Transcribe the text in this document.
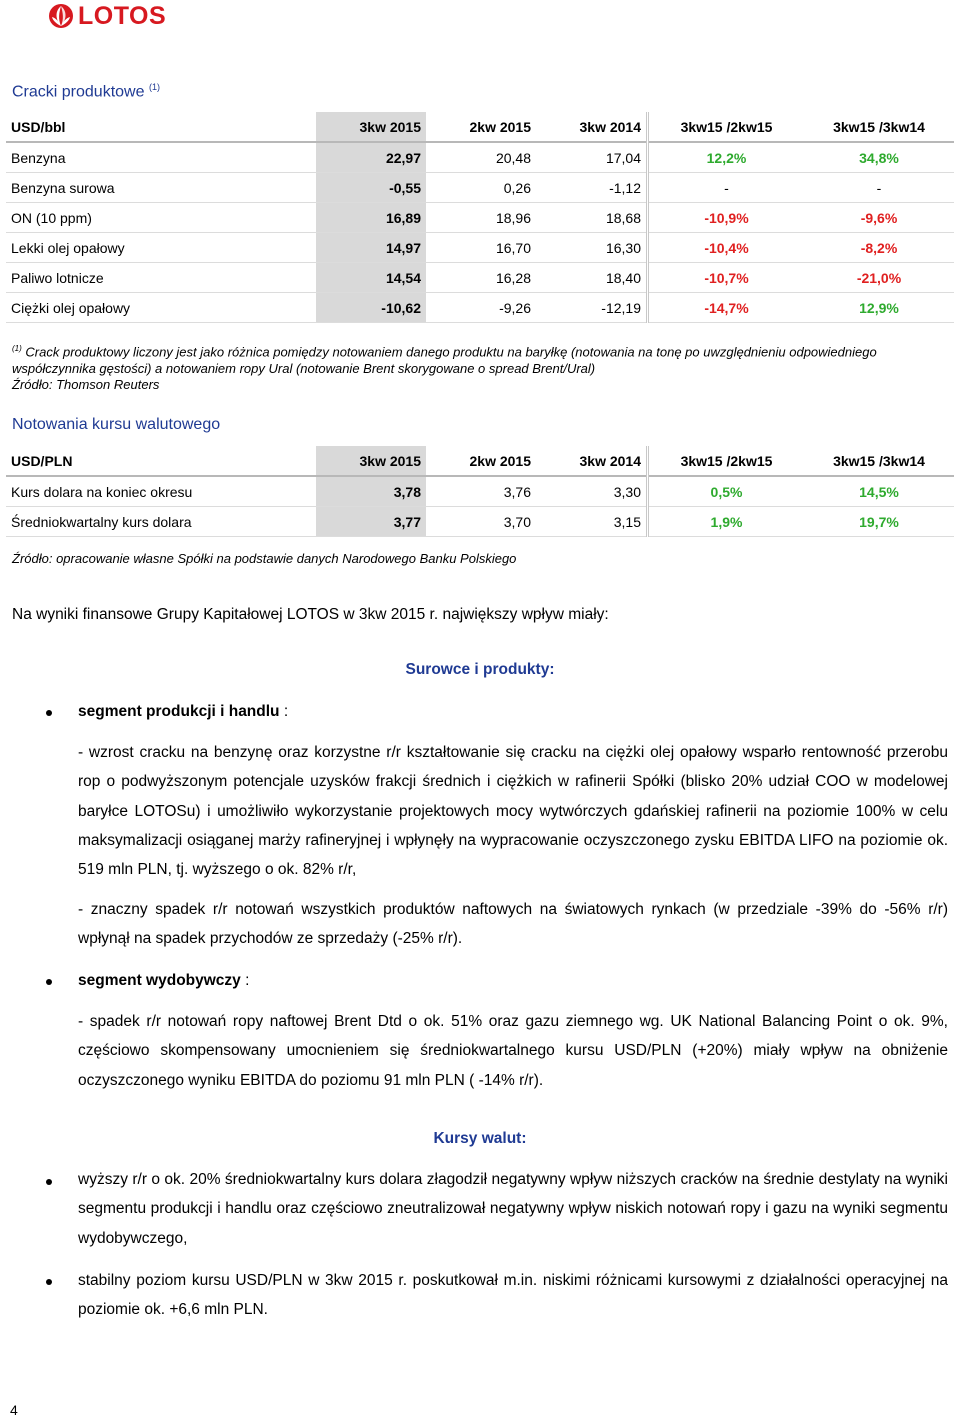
LOTOS
Cracki produktowe $^{(1)}$
USD/bbl	3kw 2015	2kw 2015	3kw 2014	3kw15 /2kw15	3kw15 /3kw14
Benzyna	22,97	20,48	17,04	12,2%	34,8%
Benzyna surowa	-0,55	0,26	-1,12	-	-
ON (10 ppm)	16,89	18,96	18,68	-10,9%	-9,6%
Lekki olej opałowy	14,97	16,70	16,30	-10,4%	-8,2%
Paliwo lotnicze	14,54	16,28	18,40	-10,7%	-21,0%
Ciężki olej opałowy	-10,62	-9,26	-12,19	-14,7%	12,9%
$^{(1)}$ Crack produktowy liczony jest jako różnica pomiędzy notowaniem danego produktu na baryłkę (notowania na tonę po uwzględnieniu odpowiedniego współczynnika gęstości) a notowaniem ropy Ural (notowanie Brent skorygowane o spread Brent/Ural)
Źródło: Thomson Reuters
Notowania kursu walutowego
USD/PLN	3kw 2015	2kw 2015	3kw 2014	3kw15 /2kw15	3kw15 /3kw14
Kurs dolara na koniec okresu	3,78	3,76	3,30	0,5%	14,5%
Średniokwartalny kurs dolara	3,77	3,70	3,15	1,9%	19,7%
Źródło: opracowanie własne Spółki na podstawie danych Narodowego Banku Polskiego
Na wyniki finansowe Grupy Kapitałowej LOTOS w 3kw 2015 r. największy wpływ miały:
Surowce i produkty:
segment produkcji i handlu :
- wzrost cracku na benzynę oraz korzystne r/r kształtowanie się cracku na ciężki olej opałowy wsparło rentowność przerobu rop o podwyższonym potencjale uzysków frakcji średnich i ciężkich w rafinerii Spółki (blisko 20% udział COO w modelowej baryłce LOTOSu) i umożliwiło wykorzystanie projektowych mocy wytwórczych gdańskiej rafinerii na poziomie 100% w celu maksymalizacji osiąganej marży rafineryjnej i wpłynęły na wypracowanie oczyszczonego zysku EBITDA LIFO na poziomie ok. 519 mln PLN, tj. wyższego o ok. 82% r/r,
- znaczny spadek r/r notowań wszystkich produktów naftowych na światowych rynkach (w przedziale -39% do -56% r/r) wpłynął na spadek przychodów ze sprzedaży (-25% r/r).
segment wydobywczy :
- spadek r/r notowań ropy naftowej Brent Dtd o ok. 51% oraz gazu ziemnego wg. UK National Balancing Point o ok. 9%, częściowo skompensowany umocnieniem się średniokwartalnego kursu USD/PLN (+20%) miały wpływ na obniżenie oczyszczonego wyniku EBITDA do poziomu 91 mln PLN ( -14% r/r).
Kursy walut:
wyższy r/r o ok. 20% średniokwartalny kurs dolara złagodził negatywny wpływ niższych cracków na średnie destylaty na wyniki segmentu produkcji i handlu oraz częściowo zneutralizował negatywny wpływ niskich notowań ropy i gazu na wyniki segmentu wydobywczego,
stabilny poziom kursu USD/PLN w 3kw 2015 r. poskutkował m.in. niskimi różnicami kursowymi z działalności operacyjnej na poziomie ok. +6,6 mln PLN.
4
